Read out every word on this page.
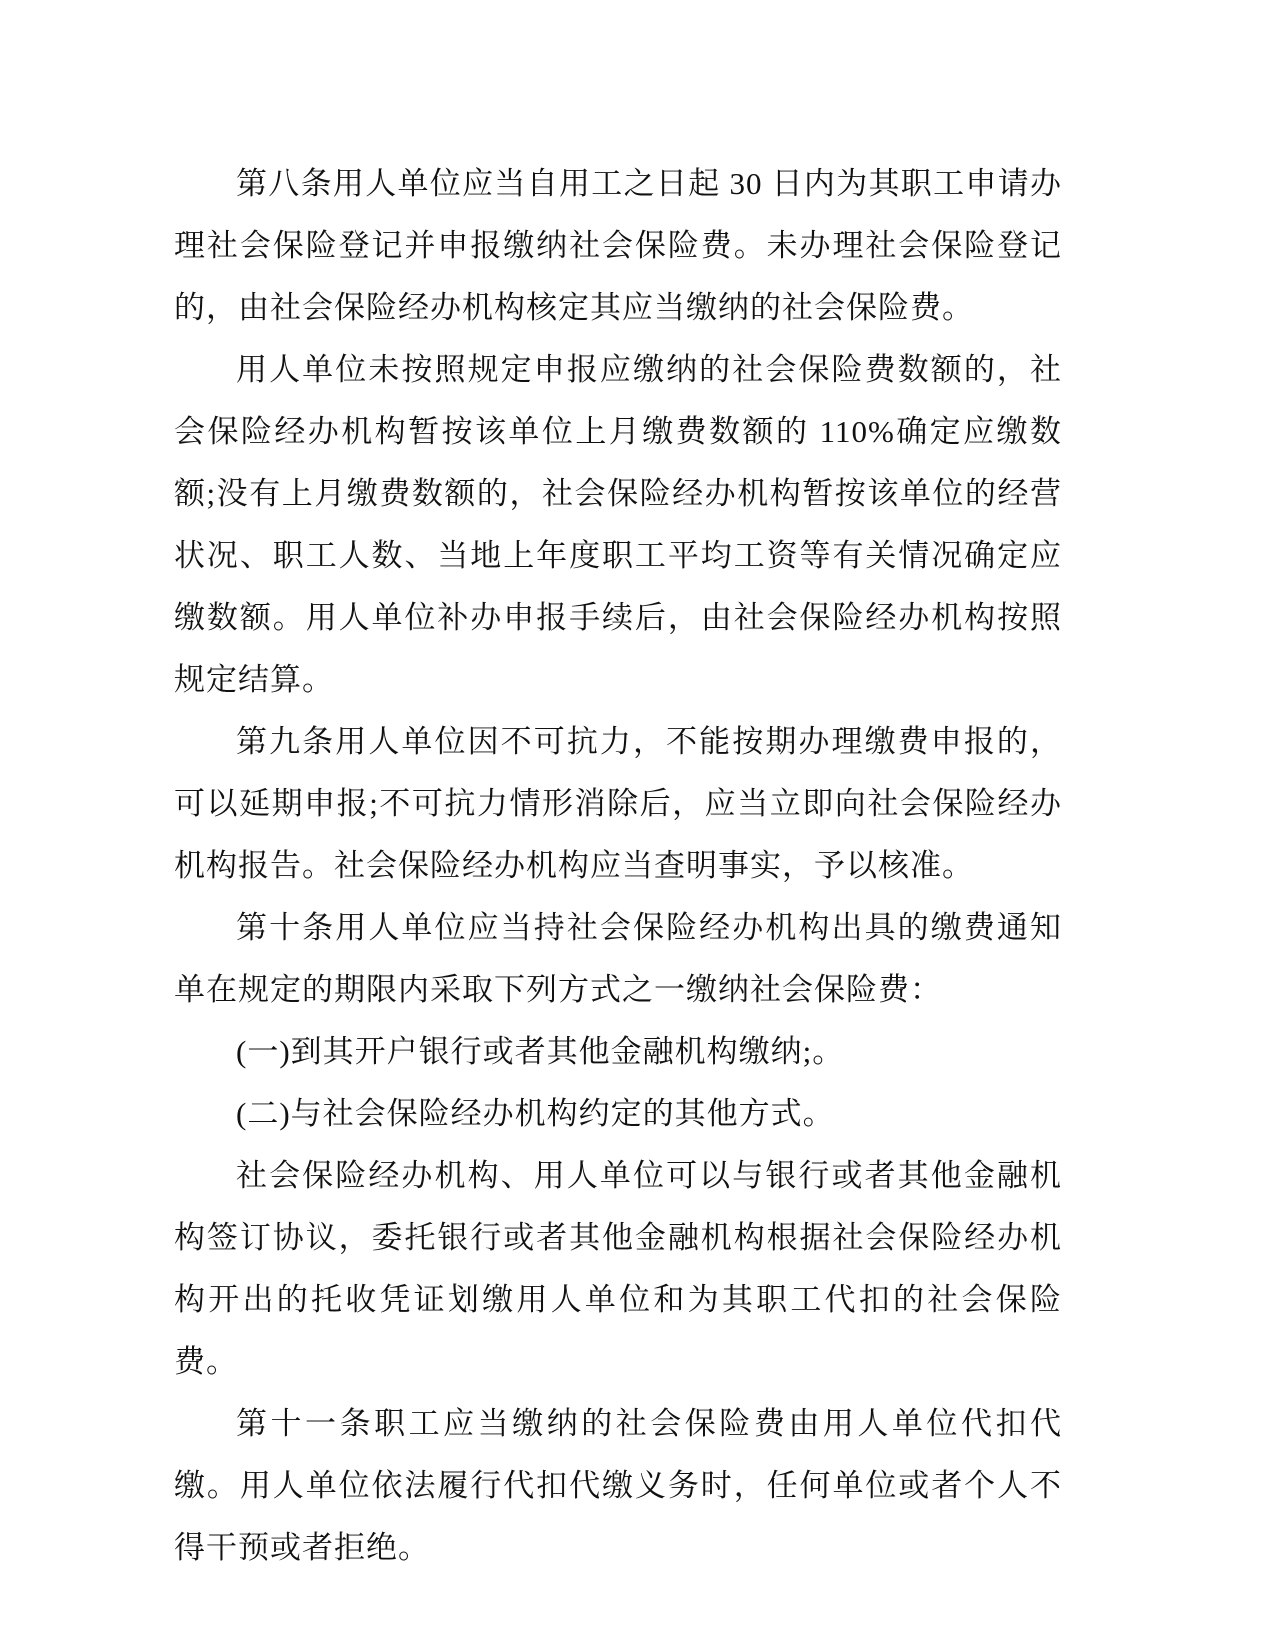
第八条用人单位应当自用工之日起 30 日内为其职工申请办理社会保险登记并申报缴纳社会保险费。未办理社会保险登记的，由社会保险经办机构核定其应当缴纳的社会保险费。

用人单位未按照规定申报应缴纳的社会保险费数额的，社会保险经办机构暂按该单位上月缴费数额的 110%确定应缴数额;没有上月缴费数额的，社会保险经办机构暂按该单位的经营状况、职工人数、当地上年度职工平均工资等有关情况确定应缴数额。用人单位补办申报手续后，由社会保险经办机构按照规定结算。

第九条用人单位因不可抗力，不能按期办理缴费申报的，可以延期申报;不可抗力情形消除后，应当立即向社会保险经办机构报告。社会保险经办机构应当查明事实，予以核准。

第十条用人单位应当持社会保险经办机构出具的缴费通知单在规定的期限内采取下列方式之一缴纳社会保险费：

(一)到其开户银行或者其他金融机构缴纳;。

(二)与社会保险经办机构约定的其他方式。

社会保险经办机构、用人单位可以与银行或者其他金融机构签订协议，委托银行或者其他金融机构根据社会保险经办机构开出的托收凭证划缴用人单位和为其职工代扣的社会保险费。

第十一条职工应当缴纳的社会保险费由用人单位代扣代缴。用人单位依法履行代扣代缴义务时，任何单位或者个人不得干预或者拒绝。
